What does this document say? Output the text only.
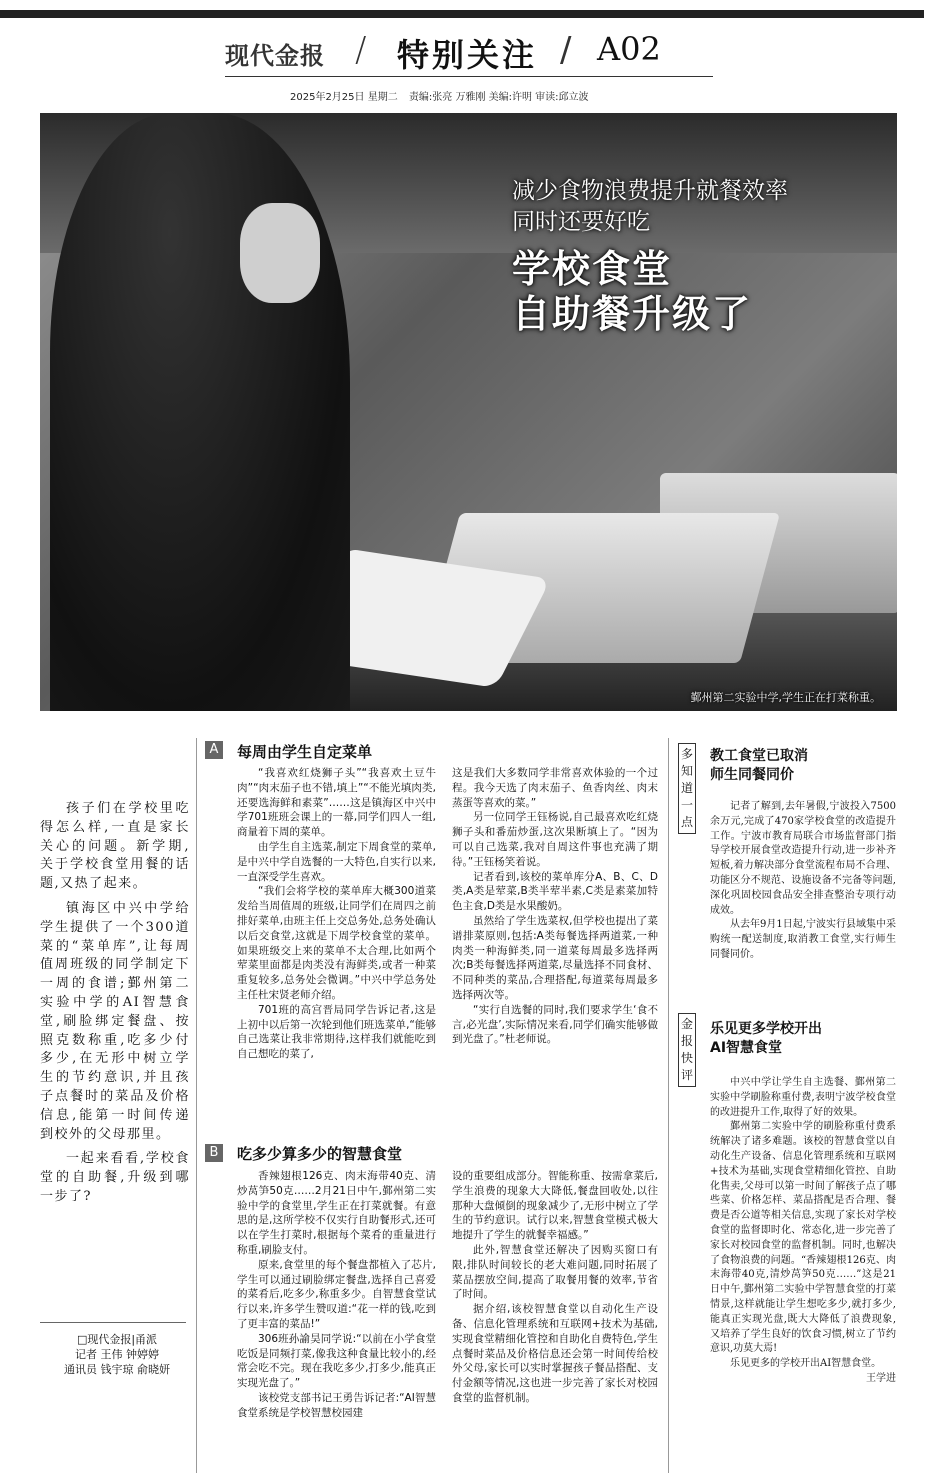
现代金报 / 特别关注 / A02
2025年2月25日 星期二 责编:张亮 万雅刚 美编:许明 审读:邱立波
鄞州第二实验中学,学生正在打菜称重。
减少食物浪费提升就餐效率
同时还要好吃
学校食堂
自助餐升级了

孩子们在学校里吃得怎么样,一直是家长关心的问题。新学期,关于学校食堂用餐的话题,又热了起来。

镇海区中兴中学给学生提供了一个300道菜的“菜单库”,让每周值周班级的同学制定下一周的食谱;鄞州第二实验中学的AI智慧食堂,刷脸绑定餐盘、按照克数称重,吃多少付多少,在无形中树立学生的节约意识,并且孩子点餐时的菜品及价格信息,能第一时间传递到校外的父母那里。

一起来看看,学校食堂的自助餐,升级到哪一步了?

□现代金报|甬派
记者 王伟 钟婷婷
通讯员 钱宇琼 俞晓妍
A	每周由学生自定菜单

“我喜欢红烧狮子头”“我喜欢土豆牛肉”“肉末茄子也不错,填上”“不能光填肉类,还要选海鲜和素菜”……这是镇海区中兴中学701班班会课上的一幕,同学们四人一组,商量着下周的菜单。

由学生自主选菜,制定下周食堂的菜单,是中兴中学自选餐的一大特色,自实行以来,一直深受学生喜欢。

“我们会将学校的菜单库大概300道菜发给当周值周的班级,让同学们在周四之前排好菜单,由班主任上交总务处,总务处确认以后交食堂,这就是下周学校食堂的菜单。如果班级交上来的菜单不太合理,比如两个荤菜里面都是肉类没有海鲜类,或者一种菜重复较多,总务处会微调。”中兴中学总务处主任杜宋贤老师介绍。

701班的高宫晋局同学告诉记者,这是上初中以后第一次轮到他们班选菜单,“能够自己选菜让我非常期待,这样我们就能吃到自己想吃的菜了,

这是我们大多数同学非常喜欢体验的一个过程。我今天选了肉末茄子、鱼香肉丝、肉末蒸蛋等喜欢的菜。”

另一位同学王钰杨说,自己最喜欢吃红烧狮子头和番茄炒蛋,这次果断填上了。“因为可以自己选菜,我对自周这件事也充满了期待。”王钰杨笑着说。

记者看到,该校的菜单库分A、B、C、D类,A类是荤菜,B类半荤半素,C类是素菜加特色主食,D类是水果酸奶。

虽然给了学生选菜权,但学校也提出了菜谱排菜原则,包括:A类每餐选择两道菜,一种肉类一种海鲜类,同一道菜每周最多选择两次;B类每餐选择两道菜,尽量选择不同食材、不同种类的菜品,合理搭配,每道菜每周最多选择两次等。

“实行自选餐的同时,我们要求学生‘食不言,必光盘’,实际情况来看,同学们确实能够做到光盘了。”杜老师说。

B	吃多少算多少的智慧食堂

香辣翅根126克、肉末海带40克、清炒莴笋50克……2月21日中午,鄞州第二实验中学的食堂里,学生正在打菜就餐。有意思的是,这所学校不仅实行自助餐形式,还可以在学生打菜时,根据每个菜肴的重量进行称重,刷脸支付。

原来,食堂里的每个餐盘都植入了芯片,学生可以通过刷脸绑定餐盘,选择自己喜爱的菜肴后,吃多少,称重多少。自智慧食堂试行以来,许多学生赞叹道:“花一样的钱,吃到了更丰富的菜品!”

306班孙諭昊同学说:“以前在小学食堂吃饭是同频打菜,像我这种食量比较小的,经常会吃不完。现在我吃多少,打多少,能真正实现光盘了。”

该校党支部书记王勇告诉记者:“AI智慧食堂系统是学校智慧校园建

设的重要组成部分。智能称重、按需拿菜后,学生浪费的现象大大降低,餐盘回收处,以往那种大盘倾倒的现象减少了,无形中树立了学生的节约意识。试行以来,智慧食堂模式极大地提升了学生的就餐幸福感。”

此外,智慧食堂还解决了因购买窗口有限,排队时间较长的老大难问题,同时拓展了菜品摆放空间,提高了取餐用餐的效率,节省了时间。

据介绍,该校智慧食堂以自动化生产设备、信息化管理系统和互联网+技术为基础,实现食堂精细化管控和自助化自费特色,学生点餐时菜品及价格信息还会第一时间传给校外父母,家长可以实时掌握孩子餐品搭配、支付金额等情况,这也进一步完善了家长对校园食堂的监督机制。

多知道一点
教工食堂已取消师生同餐同价

记者了解到,去年暑假,宁波投入7500余万元,完成了470家学校食堂的改造提升工作。宁波市教育局联合市场监督部门指导学校开展食堂改造提升行动,进一步补齐短板,着力解决部分食堂流程布局不合理、功能区分不规范、设施设备不完备等问题,深化巩固校园食品安全排查整治专项行动成效。

从去年9月1日起,宁波实行县域集中采购统一配送制度,取消教工食堂,实行师生同餐同价。

金报快评
乐见更多学校开出AI智慧食堂

中兴中学让学生自主选餐、鄞州第二实验中学刷脸称重付费,表明宁波学校食堂的改进提升工作,取得了好的效果。

鄞州第二实验中学的刷脸称重付费系统解决了诸多难题。该校的智慧食堂以自动化生产设备、信息化管理系统和互联网+技术为基础,实现食堂精细化管控、自助化售卖,父母可以第一时间了解孩子点了哪些菜、价格怎样、菜品搭配是否合理、餐费是否公道等相关信息,实现了家长对学校食堂的监督即时化、常态化,进一步完善了家长对校园食堂的监督机制。同时,也解决了食物浪费的问题。“香辣翅根126克、肉末海带40克,清炒莴笋50克……”这是21日中午,鄞州第二实验中学智慧食堂的打菜情景,这样就能让学生想吃多少,就打多少,能真正实现光盘,既大大降低了浪费现象,又培养了学生良好的饮食习惯,树立了节约意识,功莫大焉!

乐见更多的学校开出AI智慧食堂。

王学进
